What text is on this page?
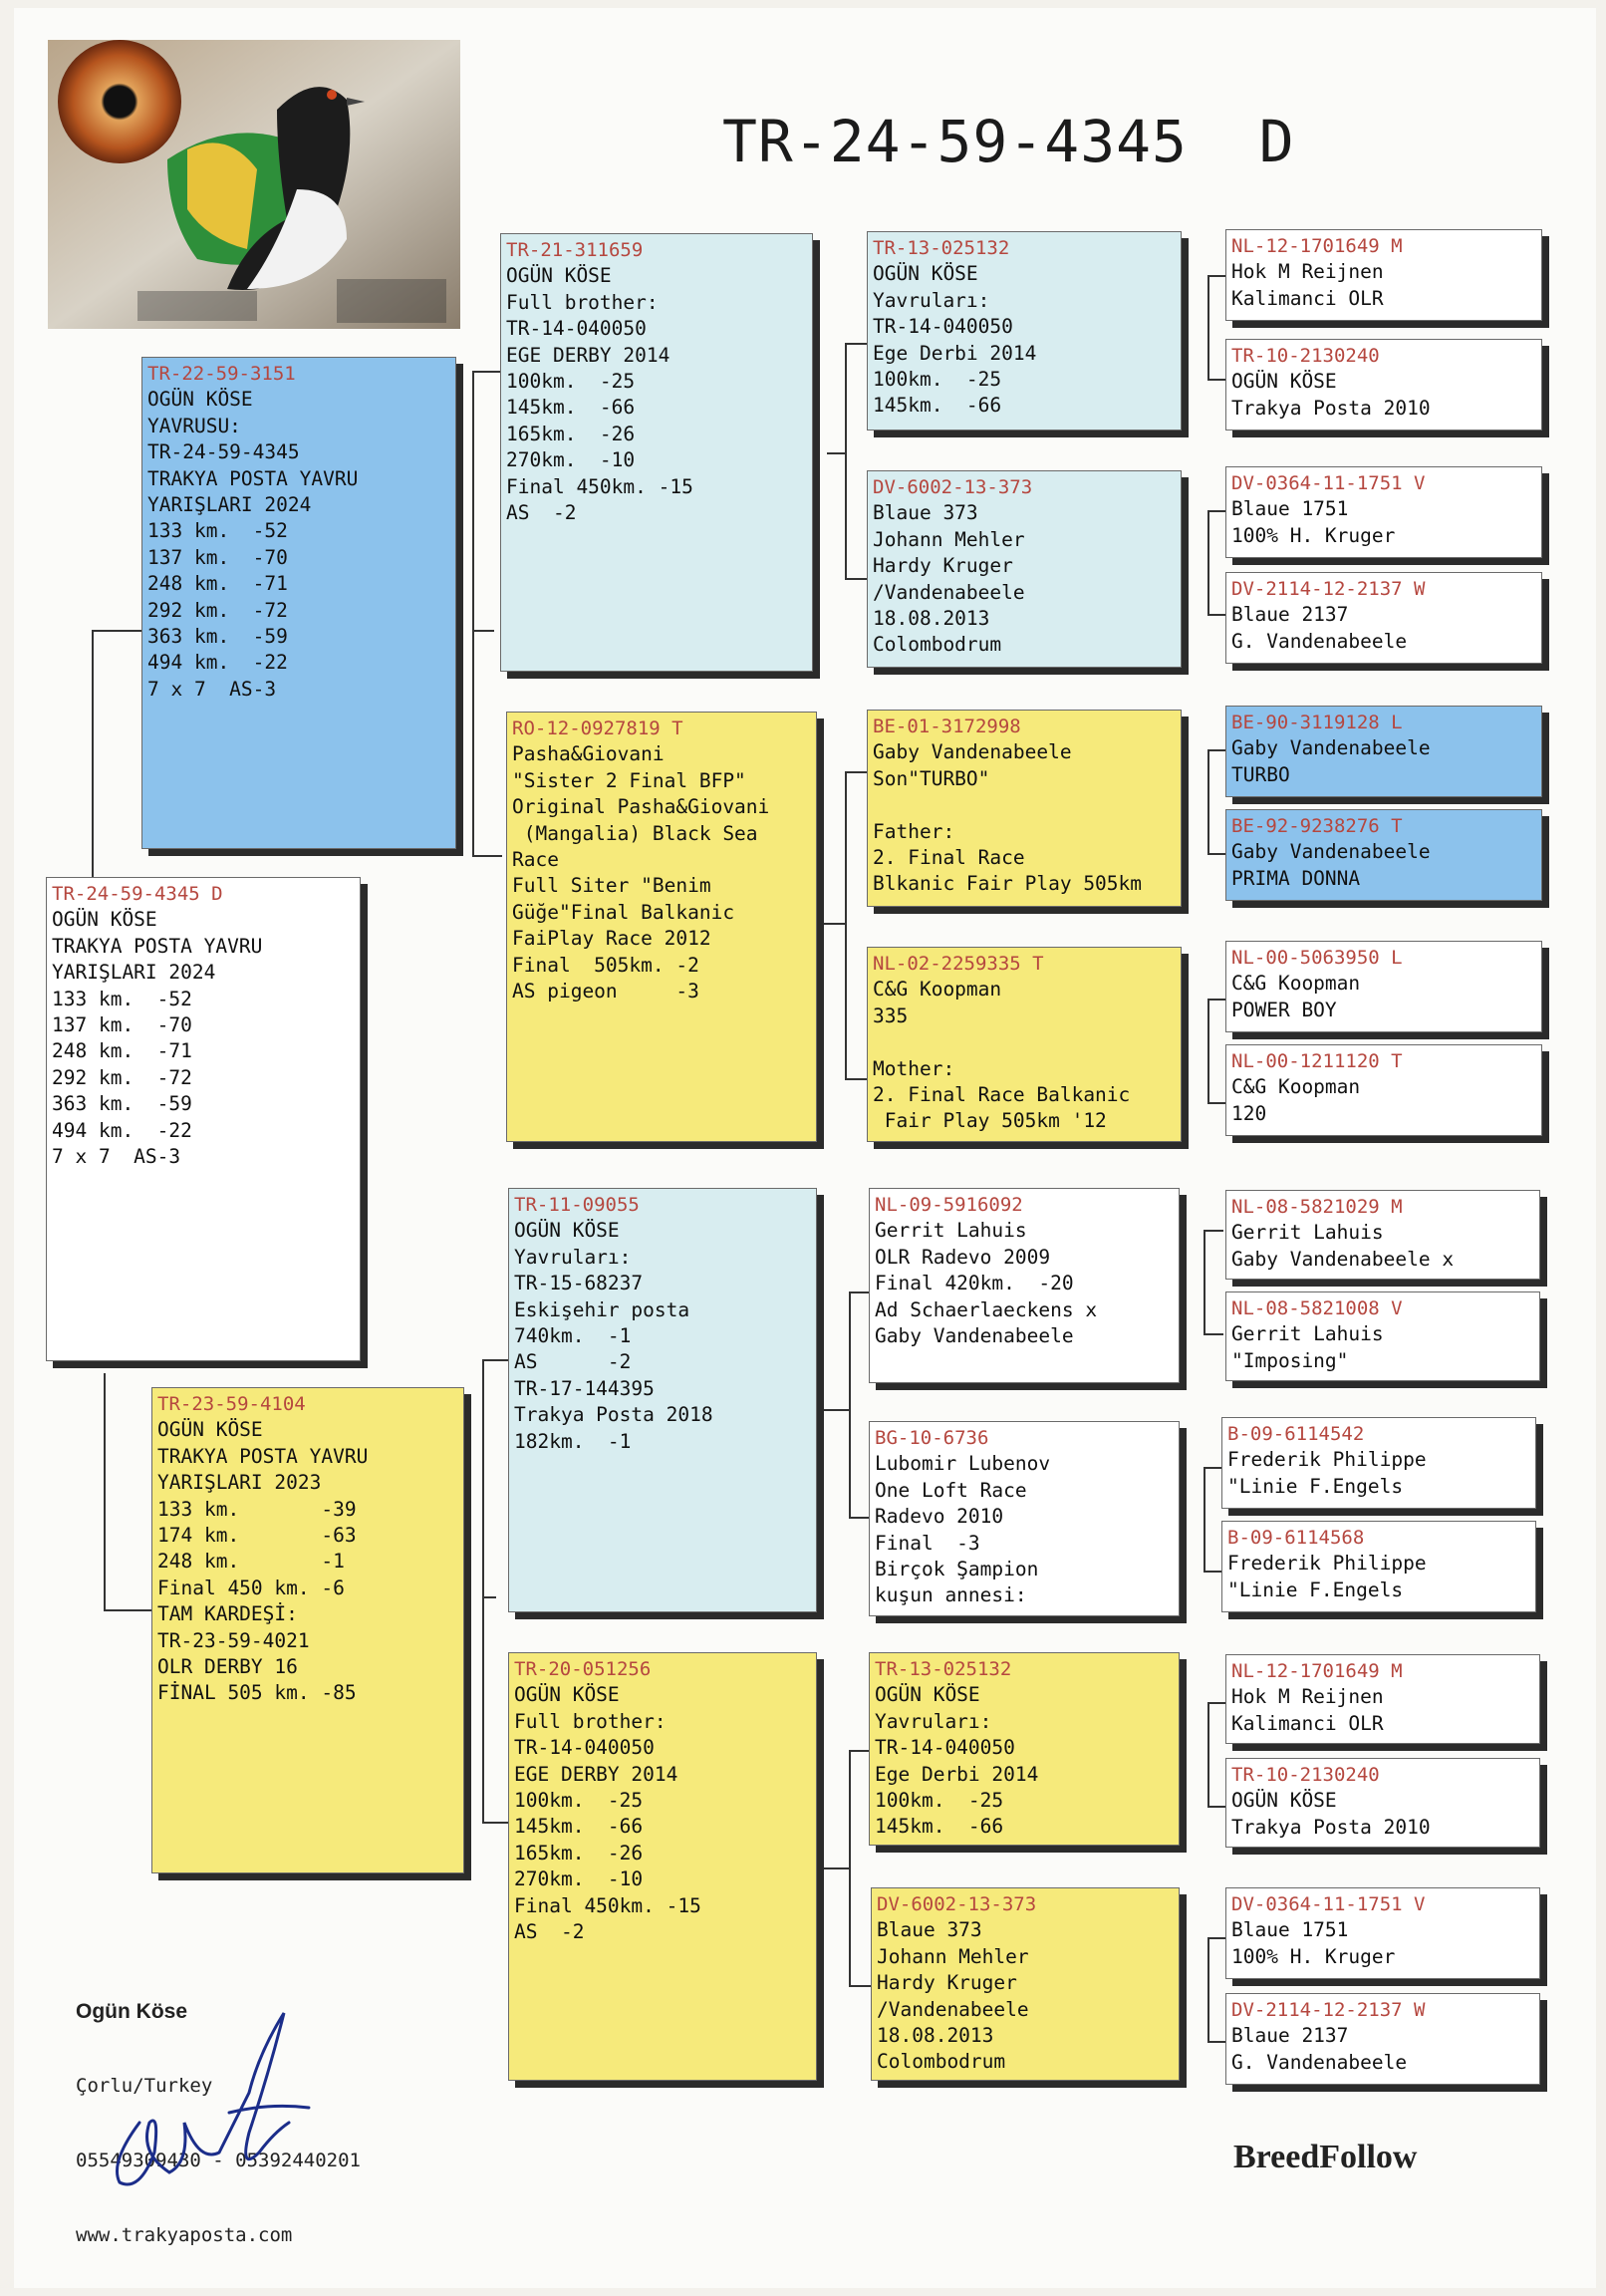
TR-24-59-4345  D
TR-24-59-4345 D
OGÜN KÖSE
TRAKYA POSTA YAVRU
YARIŞLARI 2024
133 km.  -52
137 km.  -70
248 km.  -71
292 km.  -72
363 km.  -59
494 km.  -22
7 x 7  AS-3
TR-22-59-3151
OGÜN KÖSE
YAVRUSU:
TR-24-59-4345
TRAKYA POSTA YAVRU
YARIŞLARI 2024
133 km.  -52
137 km.  -70
248 km.  -71
292 km.  -72
363 km.  -59
494 km.  -22
7 x 7  AS-3
TR-23-59-4104
OGÜN KÖSE
TRAKYA POSTA YAVRU
YARIŞLARI 2023
133 km.       -39
174 km.       -63
248 km.       -1
Final 450 km. -6
TAM KARDEŞİ:
TR-23-59-4021
OLR DERBY 16
FİNAL 505 km. -85
TR-21-311659
OGÜN KÖSE
Full brother:
TR-14-040050
EGE DERBY 2014
100km.  -25
145km.  -66
165km.  -26
270km.  -10
Final 450km. -15
AS  -2
RO-12-0927819 T
Pasha&Giovani
"Sister 2 Final BFP"
Original Pasha&Giovani
(Mangalia) Black Sea
Race
Full Siter "Benim
Güğe"Final Balkanic
FaiPlay Race 2012
Final  505km. -2
AS pigeon     -3
TR-11-09055
OGÜN KÖSE
Yavruları:
TR-15-68237
Eskişehir posta
740km.  -1
AS      -2
TR-17-144395
Trakya Posta 2018
182km.  -1
TR-20-051256
OGÜN KÖSE
Full brother:
TR-14-040050
EGE DERBY 2014
100km.  -25
145km.  -66
165km.  -26
270km.  -10
Final 450km. -15
AS  -2
TR-13-025132
OGÜN KÖSE
Yavruları:
TR-14-040050
Ege Derbi 2014
100km.  -25
145km.  -66
DV-6002-13-373
Blaue 373
Johann Mehler
Hardy Kruger
/Vandenabeele
18.08.2013
Colombodrum
BE-01-3172998
Gaby Vandenabeele
Son"TURBO"

Father:
2. Final Race
Blkanic Fair Play 505km
NL-02-2259335 T
C&G Koopman
335

Mother:
2. Final Race Balkanic
Fair Play 505km '12
NL-09-5916092
Gerrit Lahuis
OLR Radevo 2009
Final 420km.  -20
Ad Schaerlaeckens x
Gaby Vandenabeele
BG-10-6736
Lubomir Lubenov
One Loft Race
Radevo 2010
Final  -3
Birçok Şampion
kuşun annesi:
TR-13-025132
OGÜN KÖSE
Yavruları:
TR-14-040050
Ege Derbi 2014
100km.  -25
145km.  -66
DV-6002-13-373
Blaue 373
Johann Mehler
Hardy Kruger
/Vandenabeele
18.08.2013
Colombodrum
NL-12-1701649 M
Hok M Reijnen
Kalimanci OLR
TR-10-2130240
OGÜN KÖSE
Trakya Posta 2010
DV-0364-11-1751 V
Blaue 1751
100% H. Kruger
DV-2114-12-2137 W
Blaue 2137
G. Vandenabeele
BE-90-3119128 L
Gaby Vandenabeele
TURBO
BE-92-9238276 T
Gaby Vandenabeele
PRIMA DONNA
NL-00-5063950 L
C&G Koopman
POWER BOY
NL-00-1211120 T
C&G Koopman
120
NL-08-5821029 M
Gerrit Lahuis
Gaby Vandenabeele x
NL-08-5821008 V
Gerrit Lahuis
"Imposing"
B-09-6114542
Frederik Philippe
"Linie F.Engels
B-09-6114568
Frederik Philippe
"Linie F.Engels
NL-12-1701649 M
Hok M Reijnen
Kalimanci OLR
TR-10-2130240
OGÜN KÖSE
Trakya Posta 2010
DV-0364-11-1751 V
Blaue 1751
100% H. Kruger
DV-2114-12-2137 W
Blaue 2137
G. Vandenabeele

Ogün Köse

Çorlu/Turkey

05549309430 - 05392440201

www.trakyaposta.com

BreedFollow
